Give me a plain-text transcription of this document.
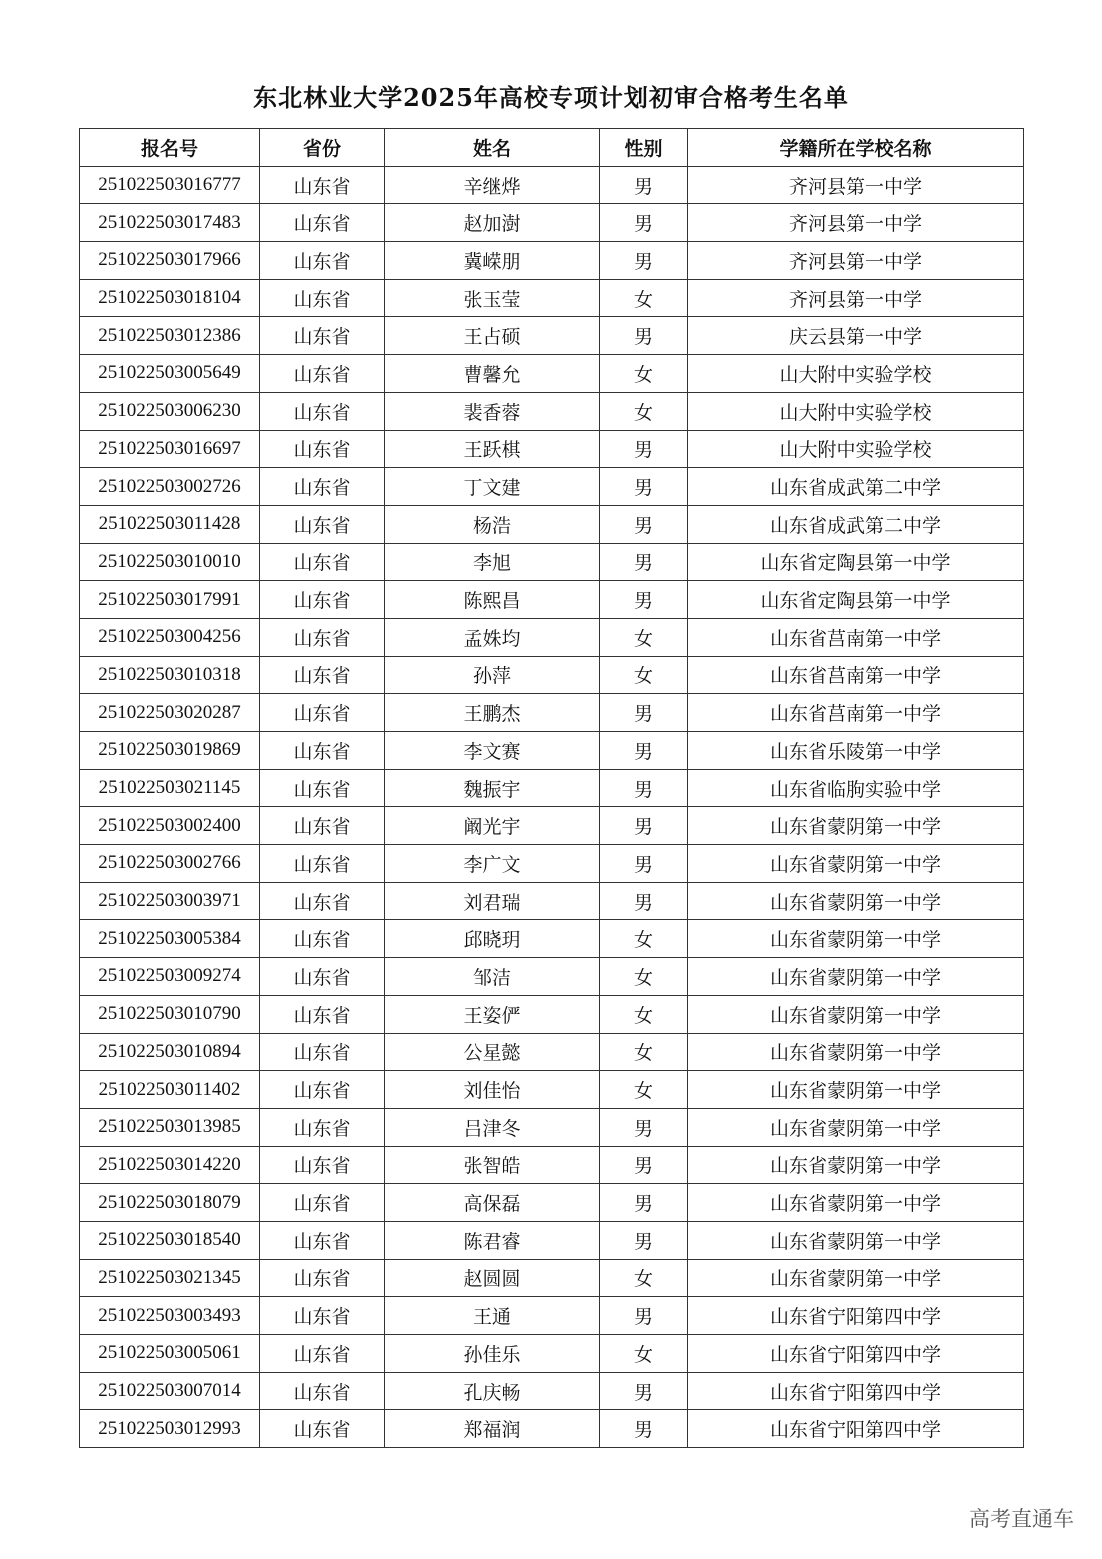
东北林业大学2025年高校专项计划初审合格考生名单
报名号	省份	姓名	性别	学籍所在学校名称
251022503016777	山东省	辛继烨	男	齐河县第一中学
251022503017483	山东省	赵加澍	男	齐河县第一中学
251022503017966	山东省	冀嵘朋	男	齐河县第一中学
251022503018104	山东省	张玉莹	女	齐河县第一中学
251022503012386	山东省	王占硕	男	庆云县第一中学
251022503005649	山东省	曹馨允	女	山大附中实验学校
251022503006230	山东省	裴香蓉	女	山大附中实验学校
251022503016697	山东省	王跃棋	男	山大附中实验学校
251022503002726	山东省	丁文建	男	山东省成武第二中学
251022503011428	山东省	杨浩	男	山东省成武第二中学
251022503010010	山东省	李旭	男	山东省定陶县第一中学
251022503017991	山东省	陈熙昌	男	山东省定陶县第一中学
251022503004256	山东省	孟姝均	女	山东省莒南第一中学
251022503010318	山东省	孙萍	女	山东省莒南第一中学
251022503020287	山东省	王鹏杰	男	山东省莒南第一中学
251022503019869	山东省	李文赛	男	山东省乐陵第一中学
251022503021145	山东省	魏振宇	男	山东省临朐实验中学
251022503002400	山东省	阚光宇	男	山东省蒙阴第一中学
251022503002766	山东省	李广文	男	山东省蒙阴第一中学
251022503003971	山东省	刘君瑞	男	山东省蒙阴第一中学
251022503005384	山东省	邱晓玥	女	山东省蒙阴第一中学
251022503009274	山东省	邹洁	女	山东省蒙阴第一中学
251022503010790	山东省	王姿俨	女	山东省蒙阴第一中学
251022503010894	山东省	公星懿	女	山东省蒙阴第一中学
251022503011402	山东省	刘佳怡	女	山东省蒙阴第一中学
251022503013985	山东省	吕津冬	男	山东省蒙阴第一中学
251022503014220	山东省	张智皓	男	山东省蒙阴第一中学
251022503018079	山东省	高保磊	男	山东省蒙阴第一中学
251022503018540	山东省	陈君睿	男	山东省蒙阴第一中学
251022503021345	山东省	赵圆圆	女	山东省蒙阴第一中学
251022503003493	山东省	王通	男	山东省宁阳第四中学
251022503005061	山东省	孙佳乐	女	山东省宁阳第四中学
251022503007014	山东省	孔庆畅	男	山东省宁阳第四中学
251022503012993	山东省	郑福润	男	山东省宁阳第四中学
高考直通车
